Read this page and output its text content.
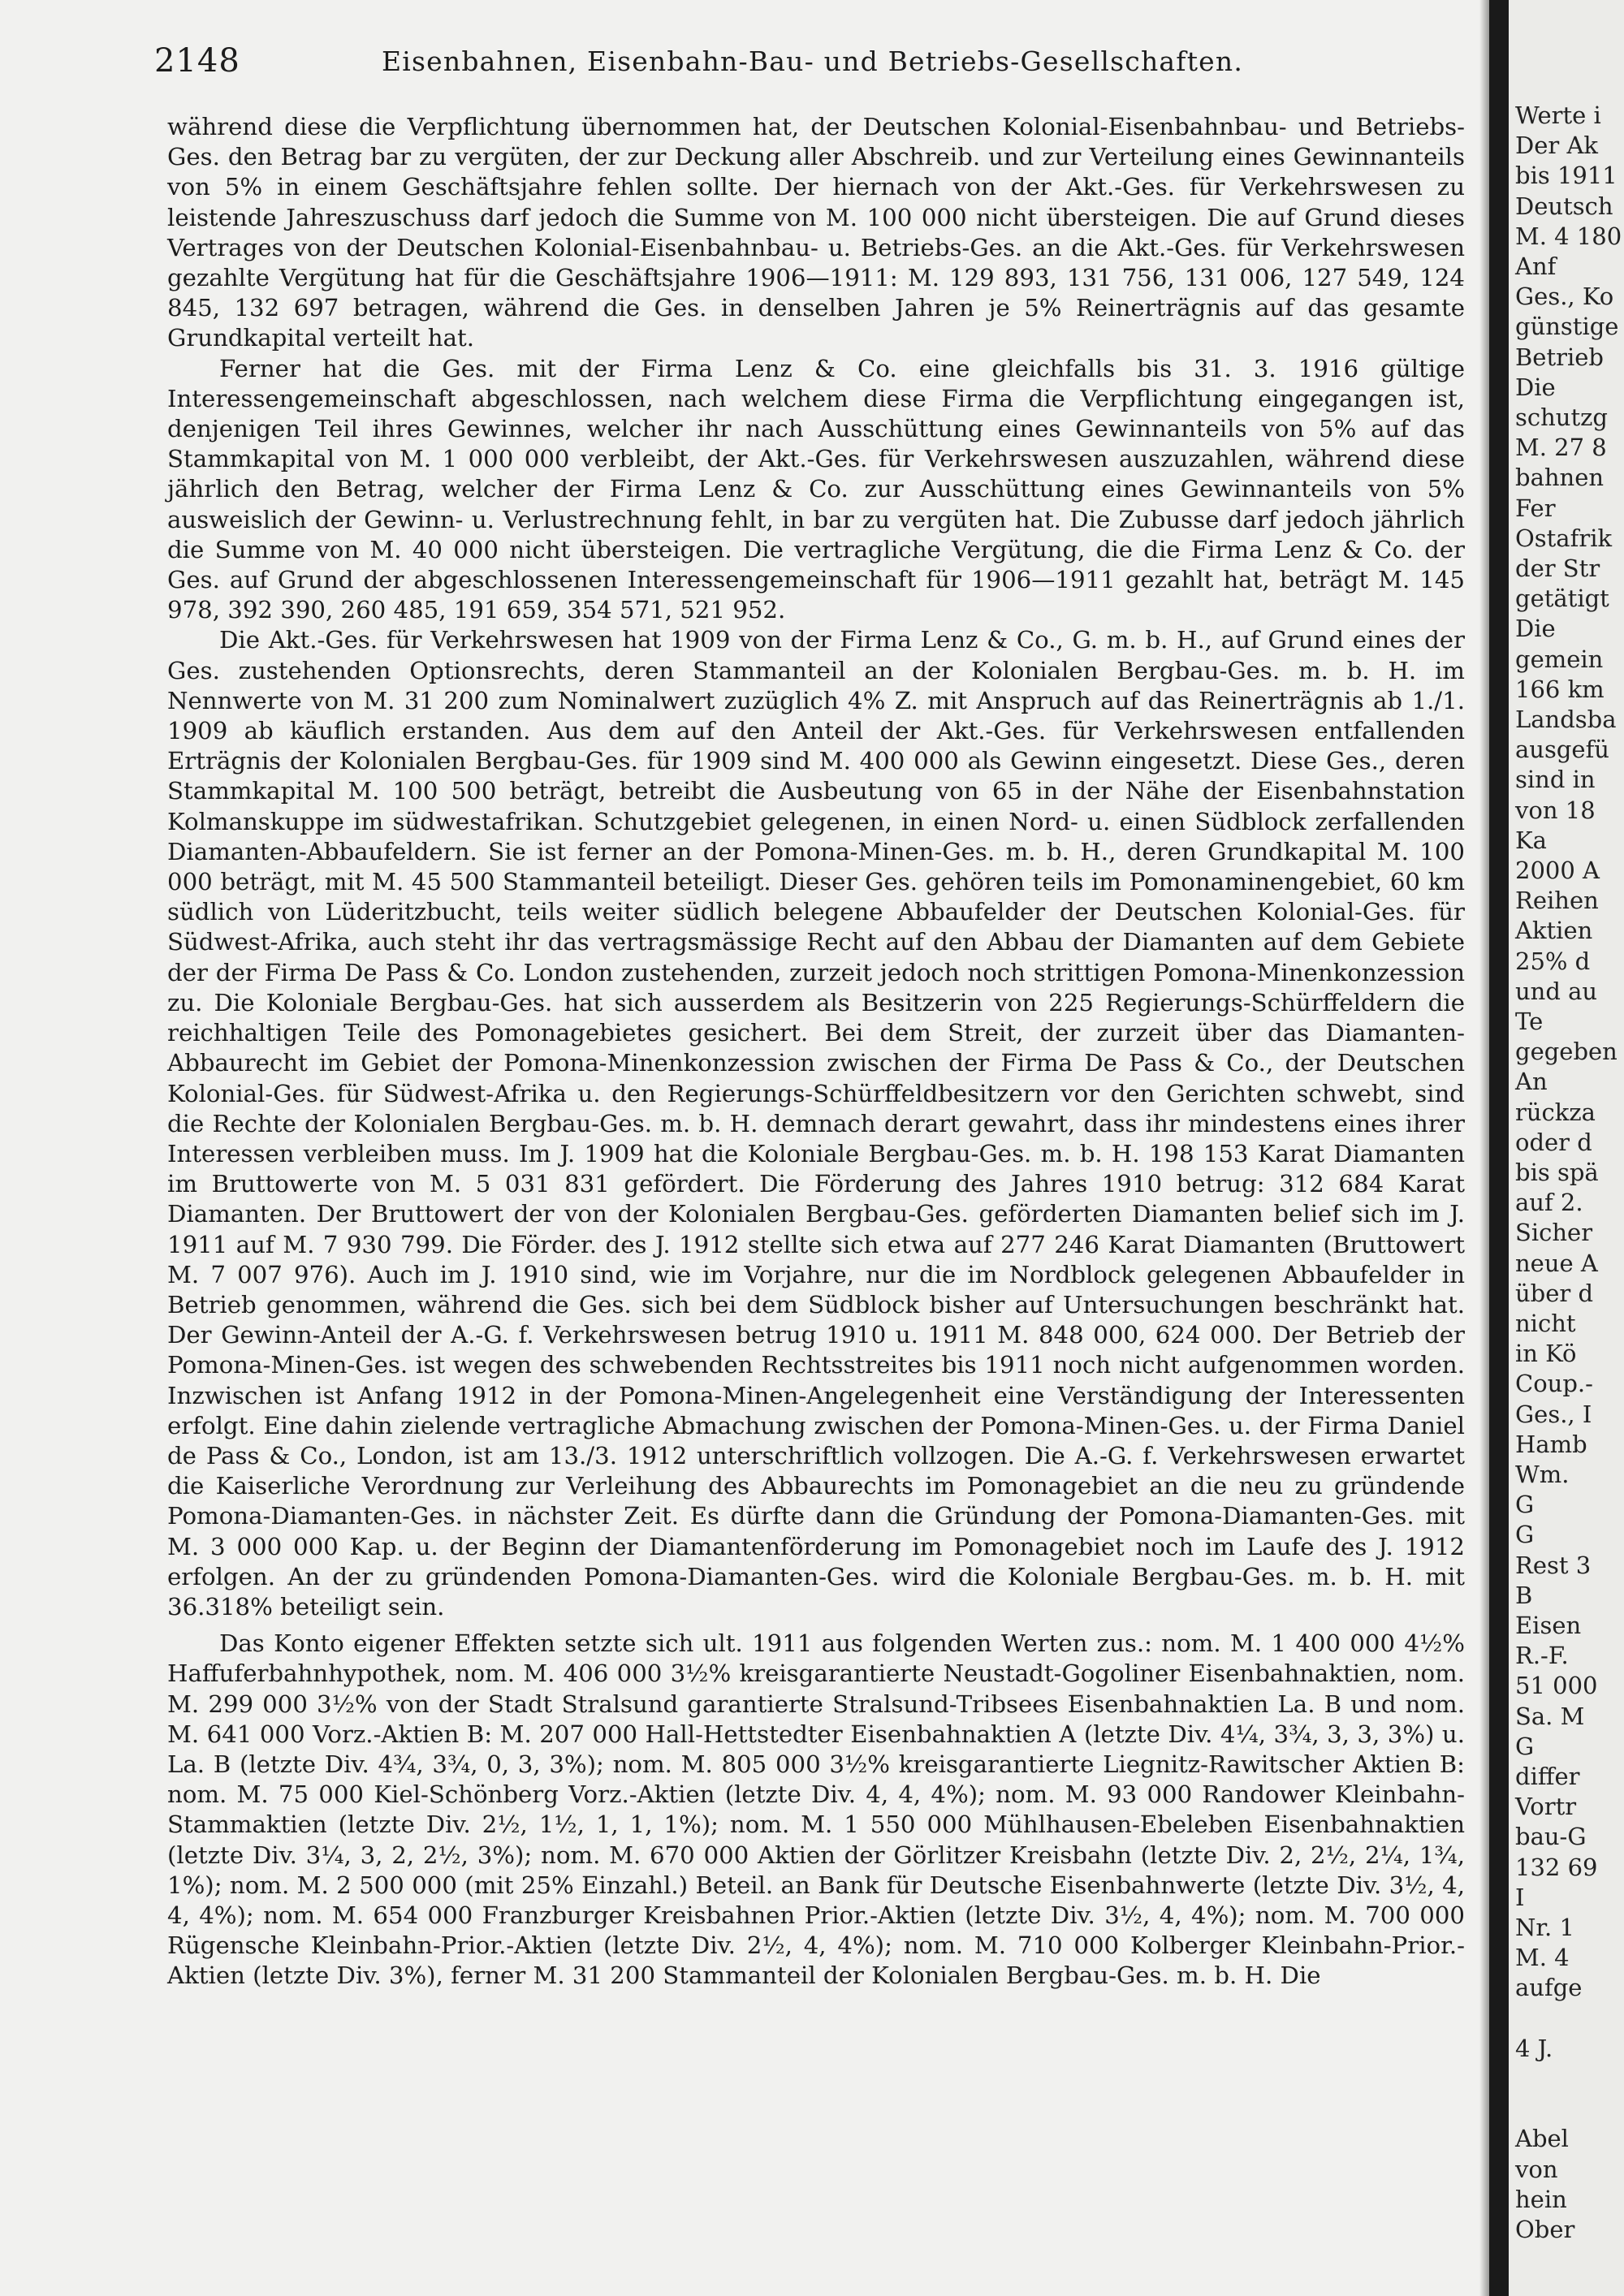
2148	Eisenbahnen, Eisenbahn-Bau- und Betriebs-Gesellschaften.

während diese die Verpflichtung übernommen hat, der Deutschen Kolonial-Eisenbahnbau- und Betriebs-Ges. den Betrag bar zu vergüten, der zur Deckung aller Abschreib. und zur Verteilung eines Gewinnanteils von 5% in einem Geschäftsjahre fehlen sollte. Der hiernach von der Akt.-Ges. für Verkehrswesen zu leistende Jahreszuschuss darf jedoch die Summe von M. 100 000 nicht übersteigen. Die auf Grund dieses Vertrages von der Deutschen Kolonial-Eisenbahnbau- u. Betriebs-Ges. an die Akt.-Ges. für Verkehrswesen gezahlte Vergütung hat für die Geschäftsjahre 1906—1911: M. 129 893, 131 756, 131 006, 127 549, 124 845, 132 697 betragen, während die Ges. in denselben Jahren je 5% Reinerträgnis auf das gesamte Grundkapital verteilt hat.

Ferner hat die Ges. mit der Firma Lenz & Co. eine gleichfalls bis 31. 3. 1916 gültige Interessengemeinschaft abgeschlossen, nach welchem diese Firma die Verpflichtung eingegangen ist, denjenigen Teil ihres Gewinnes, welcher ihr nach Ausschüttung eines Gewinnanteils von 5% auf das Stammkapital von M. 1 000 000 verbleibt, der Akt.-Ges. für Verkehrswesen auszuzahlen, während diese jährlich den Betrag, welcher der Firma Lenz & Co. zur Ausschüttung eines Gewinnanteils von 5% ausweislich der Gewinn- u. Verlustrechnung fehlt, in bar zu vergüten hat. Die Zubusse darf jedoch jährlich die Summe von M. 40 000 nicht übersteigen. Die vertragliche Vergütung, die die Firma Lenz & Co. der Ges. auf Grund der abgeschlossenen Interessengemeinschaft für 1906—1911 gezahlt hat, beträgt M. 145 978, 392 390, 260 485, 191 659, 354 571, 521 952.

Die Akt.-Ges. für Verkehrswesen hat 1909 von der Firma Lenz & Co., G. m. b. H., auf Grund eines der Ges. zustehenden Optionsrechts, deren Stammanteil an der Kolonialen Bergbau-Ges. m. b. H. im Nennwerte von M. 31 200 zum Nominalwert zuzüglich 4% Z. mit Anspruch auf das Reinerträgnis ab 1./1. 1909 ab käuflich erstanden. Aus dem auf den Anteil der Akt.-Ges. für Verkehrswesen entfallenden Erträgnis der Kolonialen Bergbau-Ges. für 1909 sind M. 400 000 als Gewinn eingesetzt. Diese Ges., deren Stammkapital M. 100 500 beträgt, betreibt die Ausbeutung von 65 in der Nähe der Eisenbahnstation Kolmanskuppe im südwestafrikan. Schutzgebiet gelegenen, in einen Nord- u. einen Südblock zerfallenden Diamanten-Abbaufeldern. Sie ist ferner an der Pomona-Minen-Ges. m. b. H., deren Grundkapital M. 100 000 beträgt, mit M. 45 500 Stammanteil beteiligt. Dieser Ges. gehören teils im Pomonaminengebiet, 60 km südlich von Lüderitzbucht, teils weiter südlich belegene Abbaufelder der Deutschen Kolonial-Ges. für Südwest-Afrika, auch steht ihr das vertragsmässige Recht auf den Abbau der Diamanten auf dem Gebiete der der Firma De Pass & Co. London zustehenden, zurzeit jedoch noch strittigen Pomona-Minenkonzession zu. Die Koloniale Bergbau-Ges. hat sich ausserdem als Besitzerin von 225 Regierungs-Schürffeldern die reichhaltigen Teile des Pomonagebietes gesichert. Bei dem Streit, der zurzeit über das Diamanten-Abbaurecht im Gebiet der Pomona-Minenkonzession zwischen der Firma De Pass & Co., der Deutschen Kolonial-Ges. für Südwest-Afrika u. den Regierungs-Schürffeldbesitzern vor den Gerichten schwebt, sind die Rechte der Kolonialen Bergbau-Ges. m. b. H. demnach derart gewahrt, dass ihr mindestens eines ihrer Interessen verbleiben muss. Im J. 1909 hat die Koloniale Bergbau-Ges. m. b. H. 198 153 Karat Diamanten im Bruttowerte von M. 5 031 831 gefördert. Die Förderung des Jahres 1910 betrug: 312 684 Karat Diamanten. Der Bruttowert der von der Kolonialen Bergbau-Ges. geförderten Diamanten belief sich im J. 1911 auf M. 7 930 799. Die Förder. des J. 1912 stellte sich etwa auf 277 246 Karat Diamanten (Bruttowert M. 7 007 976). Auch im J. 1910 sind, wie im Vorjahre, nur die im Nordblock gelegenen Abbaufelder in Betrieb genommen, während die Ges. sich bei dem Südblock bisher auf Untersuchungen beschränkt hat. Der Gewinn-Anteil der A.-G. f. Verkehrswesen betrug 1910 u. 1911 M. 848 000, 624 000. Der Betrieb der Pomona-Minen-Ges. ist wegen des schwebenden Rechtsstreites bis 1911 noch nicht aufgenommen worden. Inzwischen ist Anfang 1912 in der Pomona-Minen-Angelegenheit eine Verständigung der Interessenten erfolgt. Eine dahin zielende vertragliche Abmachung zwischen der Pomona-Minen-Ges. u. der Firma Daniel de Pass & Co., London, ist am 13./3. 1912 unterschriftlich vollzogen. Die A.-G. f. Verkehrswesen erwartet die Kaiserliche Verordnung zur Verleihung des Abbaurechts im Pomonagebiet an die neu zu gründende Pomona-Diamanten-Ges. in nächster Zeit. Es dürfte dann die Gründung der Pomona-Diamanten-Ges. mit M. 3 000 000 Kap. u. der Beginn der Diamantenförderung im Pomonagebiet noch im Laufe des J. 1912 erfolgen. An der zu gründenden Pomona-Diamanten-Ges. wird die Koloniale Bergbau-Ges. m. b. H. mit 36.318% beteiligt sein.

Das Konto eigener Effekten setzte sich ult. 1911 aus folgenden Werten zus.: nom. M. 1 400 000 4½% Haffuferbahnhypothek, nom. M. 406 000 3½% kreisgarantierte Neustadt-Gogoliner Eisenbahnaktien, nom. M. 299 000 3½% von der Stadt Stralsund garantierte Stralsund-Tribsees Eisenbahnaktien La. B und nom. M. 641 000 Vorz.-Aktien B: M. 207 000 Hall-Hettstedter Eisenbahnaktien A (letzte Div. 4¼, 3¾, 3, 3, 3%) u. La. B (letzte Div. 4¾, 3¾, 0, 3, 3%); nom. M. 805 000 3½% kreisgarantierte Liegnitz-Rawitscher Aktien B: nom. M. 75 000 Kiel-Schönberg Vorz.-Aktien (letzte Div. 4, 4, 4%); nom. M. 93 000 Randower Kleinbahn-Stammaktien (letzte Div. 2½, 1½, 1, 1, 1%); nom. M. 1 550 000 Mühlhausen-Ebeleben Eisenbahnaktien (letzte Div. 3¼, 3, 2, 2½, 3%); nom. M. 670 000 Aktien der Görlitzer Kreisbahn (letzte Div. 2, 2½, 2¼, 1¾, 1%); nom. M. 2 500 000 (mit 25% Einzahl.) Beteil. an Bank für Deutsche Eisenbahnwerte (letzte Div. 3½, 4, 4, 4%); nom. M. 654 000 Franzburger Kreisbahnen Prior.-Aktien (letzte Div. 3½, 4, 4%); nom. M. 700 000 Rügensche Kleinbahn-Prior.-Aktien (letzte Div. 2½, 4, 4%); nom. M. 710 000 Kolberger Kleinbahn-Prior.-Aktien (letzte Div. 3%), ferner M. 31 200 Stammanteil der Kolonialen Bergbau-Ges. m. b. H. Die

Werte i
Der Ak
bis 1911
Deutsch
M. 4 180
Anf
Ges., Ko
günstige
Betrieb
Die
schutzg
M. 27 8
bahnen
Fer
Ostafrik
der Str
getätigt
Die
gemein
166 km
Landsba
ausgefü
sind in
von 18
Ka
2000 A
Reihen
Aktien
25% d
und au
Te
gegeben
An
rückza
oder d
bis spä
auf 2.
Sicher
neue A
über d
nicht
in Kö
Coup.-
Ges., I
Hamb
Wm.
G
G
Rest 3
B
Eisen
R.-F.
51 000
Sa. M
G
differ
Vortr
bau-G
132 69
I
Nr. 1
M. 4
aufge
4 J.
Abel
von
hein
Ober
